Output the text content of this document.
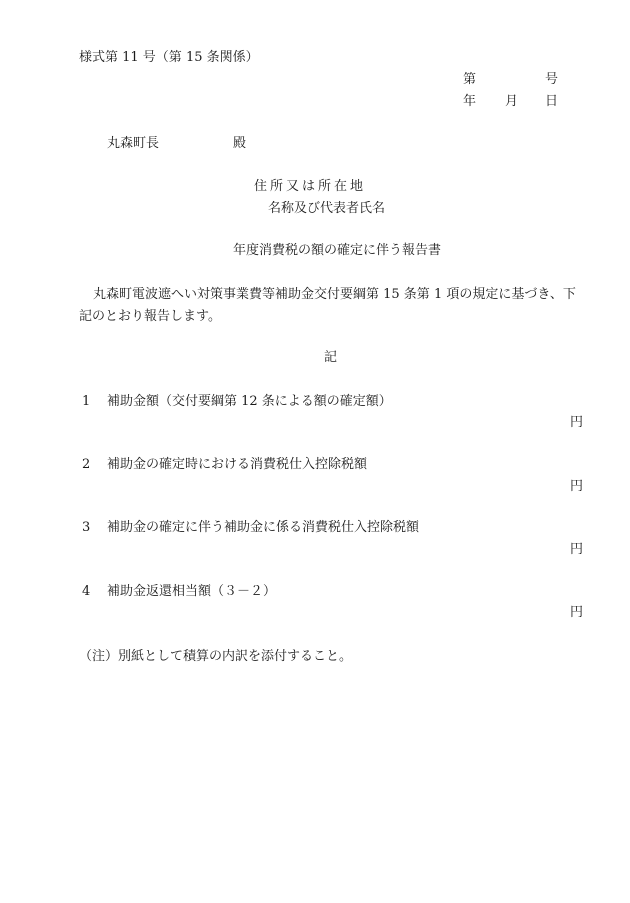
様式第 11 号（第 15 条関係）
第	号
年 月 日
丸森町長	殿
住所又は所在地
名称及び代表者氏名
年度消費税の額の確定に伴う報告書
丸森町電波遮へい対策事業費等補助金交付要綱第 15 条第 1 項の規定に基づき、下
記のとおり報告します。
記
1 補助金額（交付要綱第 12 条による額の確定額）
円
2 補助金の確定時における消費税仕入控除税額
円
3 補助金の確定に伴う補助金に係る消費税仕入控除税額
円
4 補助金返還相当額（３－２）
円
（注）別紙として積算の内訳を添付すること。
